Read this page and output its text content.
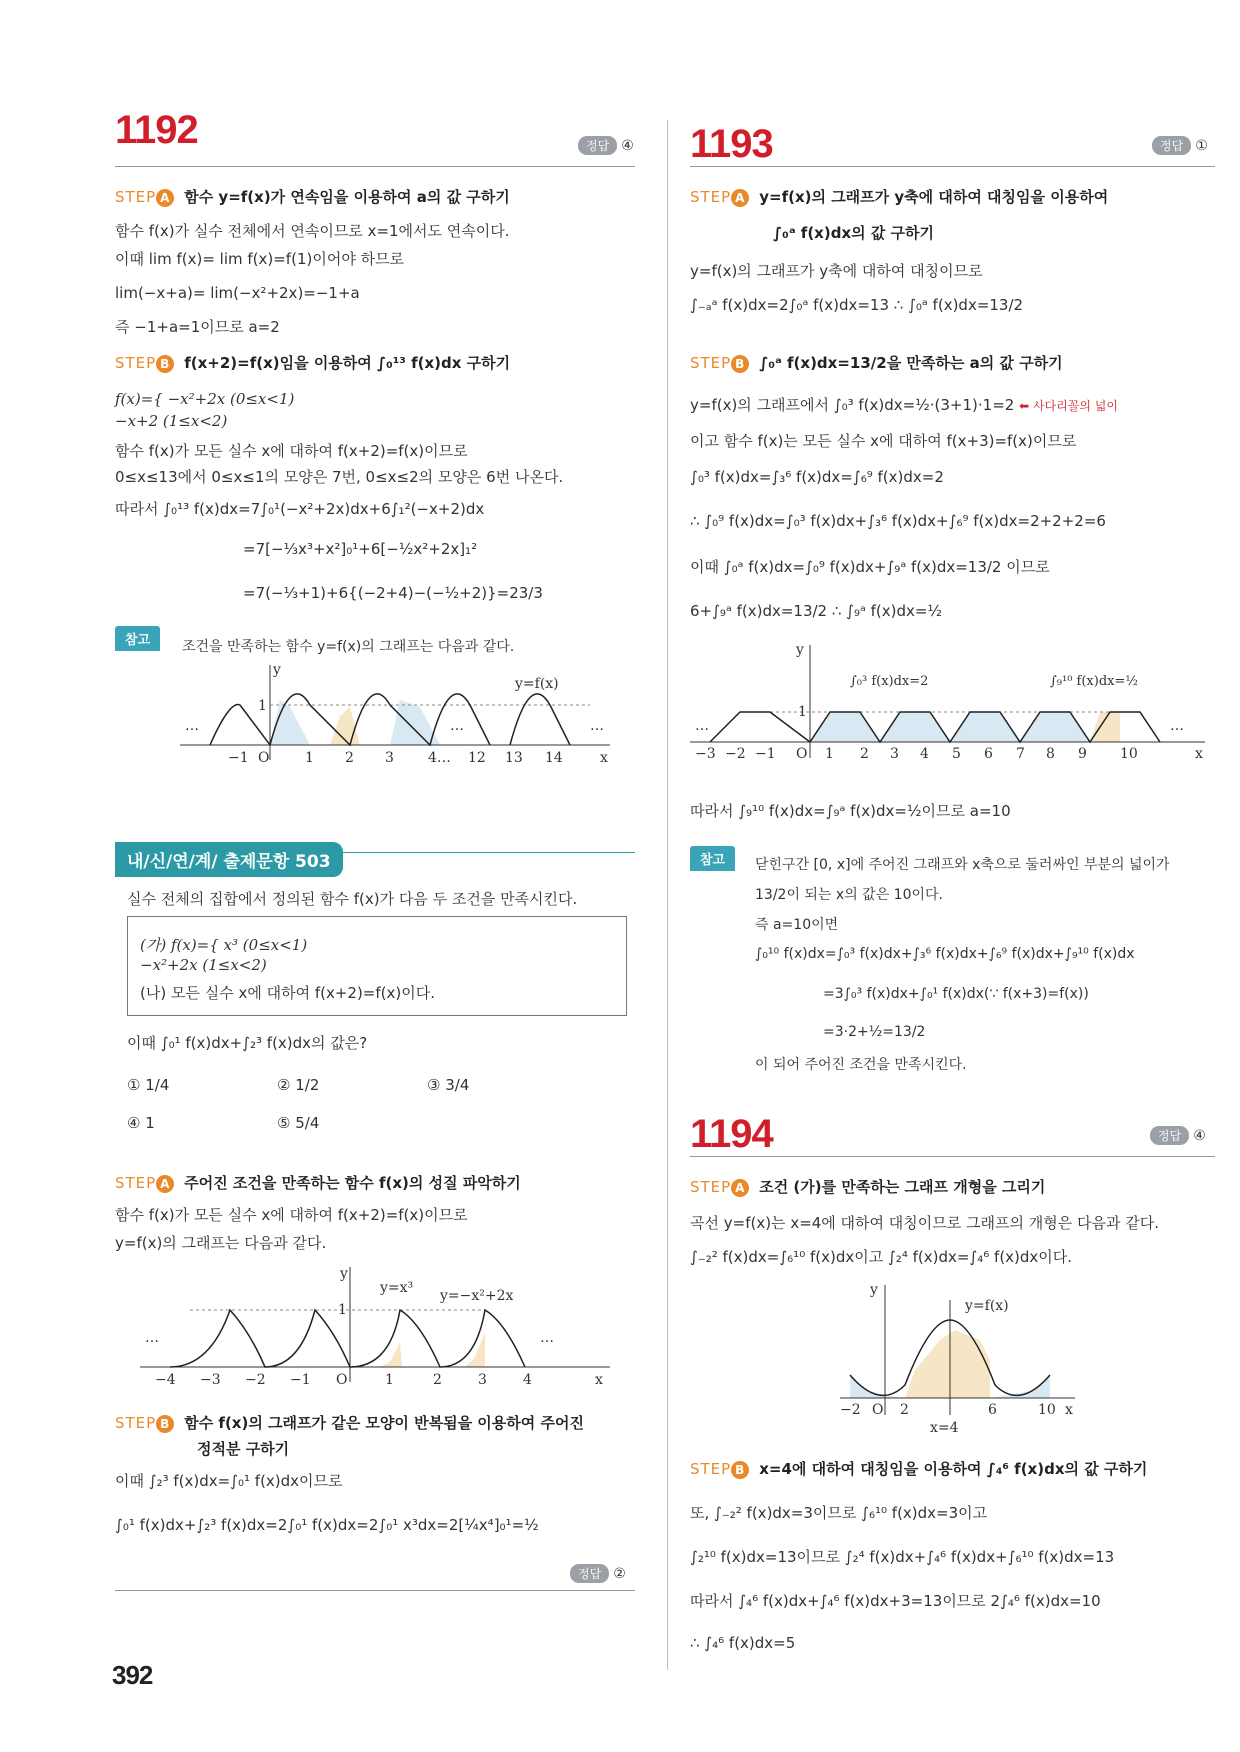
1192	정답 ④
STEP A 함수 y=f(x)가 연속임을 이용하여 a의 값 구하기
함수 f(x)가 실수 전체에서 연속이므로 x=1에서도 연속이다.
이때 lim f(x)= lim f(x)=f(1)이어야 하므로
lim(−x+a)= lim(−x²+2x)=−1+a
즉 −1+a=1이므로 a=2
STEP B f(x+2)=f(x)임을 이용하여 ∫₀¹³ f(x)dx 구하기
f(x)={ −x²+2x (0≤x<1)
−x+2 (1≤x<2)
함수 f(x)가 모든 실수 x에 대하여 f(x+2)=f(x)이므로
0≤x≤13에서 0≤x≤1의 모양은 7번, 0≤x≤2의 모양은 6번 나온다.
따라서 ∫₀¹³ f(x)dx=7∫₀¹(−x²+2x)dx+6∫₁²(−x+2)dx
=7[−⅓x³+x²]₀¹+6[−½x²+2x]₁²
=7(−⅓+1)+6{(−2+4)−(−½+2)}=23/3
참고	조건을 만족하는 함수 y=f(x)의 그래프는 다음과 같다.
y
1
y=f(x)
…	…	…
−1 O	1 2 3 4… 12 13 14	x
내/신/연/계/ 출제문항 503
실수 전체의 집합에서 정의된 함수 f(x)가 다음 두 조건을 만족시킨다.
(가) f(x)={ x³ (0≤x<1)
−x²+2x (1≤x<2)
(나) 모든 실수 x에 대하여 f(x+2)=f(x)이다.
이때 ∫₀¹ f(x)dx+∫₂³ f(x)dx의 값은?
① 1/4	② 1/2	③ 3/4
④ 1	⑤ 5/4
STEP A 주어진 조건을 만족하는 함수 f(x)의 성질 파악하기
함수 f(x)가 모든 실수 x에 대하여 f(x+2)=f(x)이므로
y=f(x)의 그래프는 다음과 같다.
y
1
y=x³ y=−x²+2x
…	…
−4 −3 −2 −1 O	1	2	3	4	x
STEP B 함수 f(x)의 그래프가 같은 모양이 반복됨을 이용하여 주어진
정적분 구하기
이때 ∫₂³ f(x)dx=∫₀¹ f(x)dx이므로
∫₀¹ f(x)dx+∫₂³ f(x)dx=2∫₀¹ f(x)dx=2∫₀¹ x³dx=2[¼x⁴]₀¹=½
정답 ②
392
1193	정답 ①
STEP A y=f(x)의 그래프가 y축에 대하여 대칭임을 이용하여
∫₀ᵃ f(x)dx의 값 구하기
y=f(x)의 그래프가 y축에 대하여 대칭이므로
∫₋ₐᵃ f(x)dx=2∫₀ᵃ f(x)dx=13 ∴ ∫₀ᵃ f(x)dx=13/2
STEP B ∫₀ᵃ f(x)dx=13/2을 만족하는 a의 값 구하기
y=f(x)의 그래프에서 ∫₀³ f(x)dx=½·(3+1)·1=2 ⬅ 사다리꼴의 넓이
이고 함수 f(x)는 모든 실수 x에 대하여 f(x+3)=f(x)이므로
∫₀³ f(x)dx=∫₃⁶ f(x)dx=∫₆⁹ f(x)dx=2
∴ ∫₀⁹ f(x)dx=∫₀³ f(x)dx+∫₃⁶ f(x)dx+∫₆⁹ f(x)dx=2+2+2=6
이때 ∫₀ᵃ f(x)dx=∫₀⁹ f(x)dx+∫₉ᵃ f(x)dx=13/2 이므로
6+∫₉ᵃ f(x)dx=13/2 ∴ ∫₉ᵃ f(x)dx=½
y
∫₀³ f(x)dx=2	∫₉¹⁰ f(x)dx=½
1
…	…
−3 −2 −1 O 1 2 3 4 5 6 7 8 9 10	x
따라서 ∫₉¹⁰ f(x)dx=∫₉ᵃ f(x)dx=½이므로 a=10
참고	닫힌구간 [0, x]에 주어진 그래프와 x축으로 둘러싸인 부분의 넓이가
13/2이 되는 x의 값은 10이다.
즉 a=10이면
∫₀¹⁰ f(x)dx=∫₀³ f(x)dx+∫₃⁶ f(x)dx+∫₆⁹ f(x)dx+∫₉¹⁰ f(x)dx
=3∫₀³ f(x)dx+∫₀¹ f(x)dx(∵ f(x+3)=f(x))
=3·2+½=13/2
이 되어 주어진 조건을 만족시킨다.
1194	정답 ④
STEP A 조건 (가)를 만족하는 그래프 개형을 그리기
곡선 y=f(x)는 x=4에 대하여 대칭이므로 그래프의 개형은 다음과 같다.
∫₋₂² f(x)dx=∫₆¹⁰ f(x)dx이고 ∫₂⁴ f(x)dx=∫₄⁶ f(x)dx이다.
y
y=f(x)
−2 O 2	6	10 x
x=4
STEP B x=4에 대하여 대칭임을 이용하여 ∫₄⁶ f(x)dx의 값 구하기
또, ∫₋₂² f(x)dx=3이므로 ∫₆¹⁰ f(x)dx=3이고
∫₂¹⁰ f(x)dx=13이므로 ∫₂⁴ f(x)dx+∫₄⁶ f(x)dx+∫₆¹⁰ f(x)dx=13
따라서 ∫₄⁶ f(x)dx+∫₄⁶ f(x)dx+3=13이므로 2∫₄⁶ f(x)dx=10
∴ ∫₄⁶ f(x)dx=5
